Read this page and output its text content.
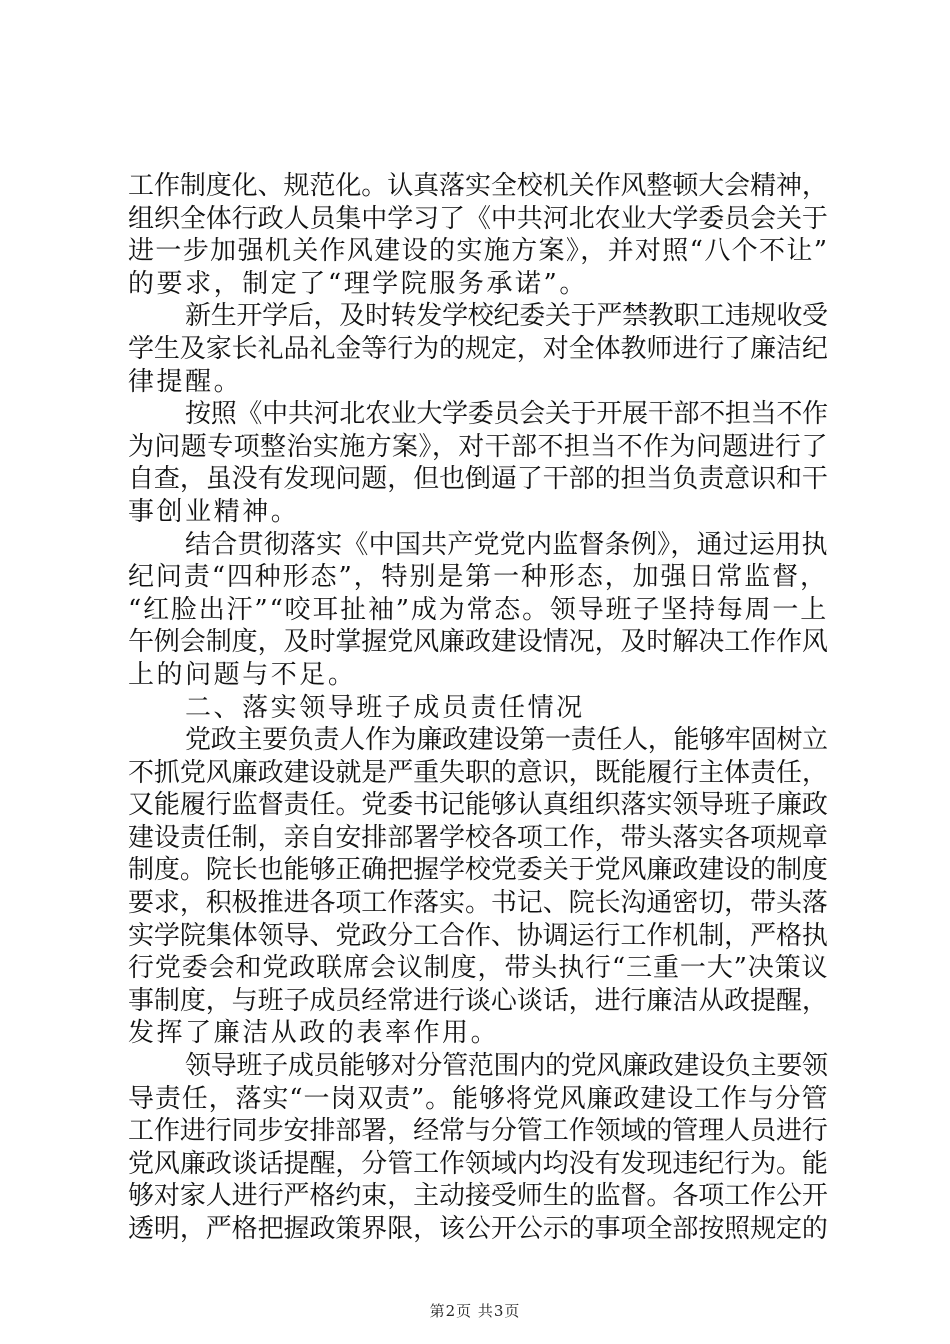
工作制度化、规范化。认真落实全校机关作风整顿大会精神，
组织全体行政人员集中学习了《中共河北农业大学委员会关于
进一步加强机关作风建设的实施方案》，并对照“八个不让”
的要求，制定了“理学院服务承诺”。
新生开学后，及时转发学校纪委关于严禁教职工违规收受
学生及家长礼品礼金等行为的规定，对全体教师进行了廉洁纪
律提醒。
按照《中共河北农业大学委员会关于开展干部不担当不作
为问题专项整治实施方案》，对干部不担当不作为问题进行了
自查，虽没有发现问题，但也倒逼了干部的担当负责意识和干
事创业精神。
结合贯彻落实《中国共产党党内监督条例》，通过运用执
纪问责“四种形态”，特别是第一种形态，加强日常监督，
“红脸出汗”“咬耳扯袖”成为常态。领导班子坚持每周一上
午例会制度，及时掌握党风廉政建设情况，及时解决工作作风
上的问题与不足。
二、落实领导班子成员责任情况
党政主要负责人作为廉政建设第一责任人，能够牢固树立
不抓党风廉政建设就是严重失职的意识，既能履行主体责任，
又能履行监督责任。党委书记能够认真组织落实领导班子廉政
建设责任制，亲自安排部署学校各项工作，带头落实各项规章
制度。院长也能够正确把握学校党委关于党风廉政建设的制度
要求，积极推进各项工作落实。书记、院长沟通密切，带头落
实学院集体领导、党政分工合作、协调运行工作机制，严格执
行党委会和党政联席会议制度，带头执行“三重一大”决策议
事制度，与班子成员经常进行谈心谈话，进行廉洁从政提醒，
发挥了廉洁从政的表率作用。
领导班子成员能够对分管范围内的党风廉政建设负主要领
导责任，落实“一岗双责”。能够将党风廉政建设工作与分管
工作进行同步安排部署，经常与分管工作领域的管理人员进行
党风廉政谈话提醒，分管工作领域内均没有发现违纪行为。能
够对家人进行严格约束，主动接受师生的监督。各项工作公开
透明，严格把握政策界限，该公开公示的事项全部按照规定的
第2页 共3页
